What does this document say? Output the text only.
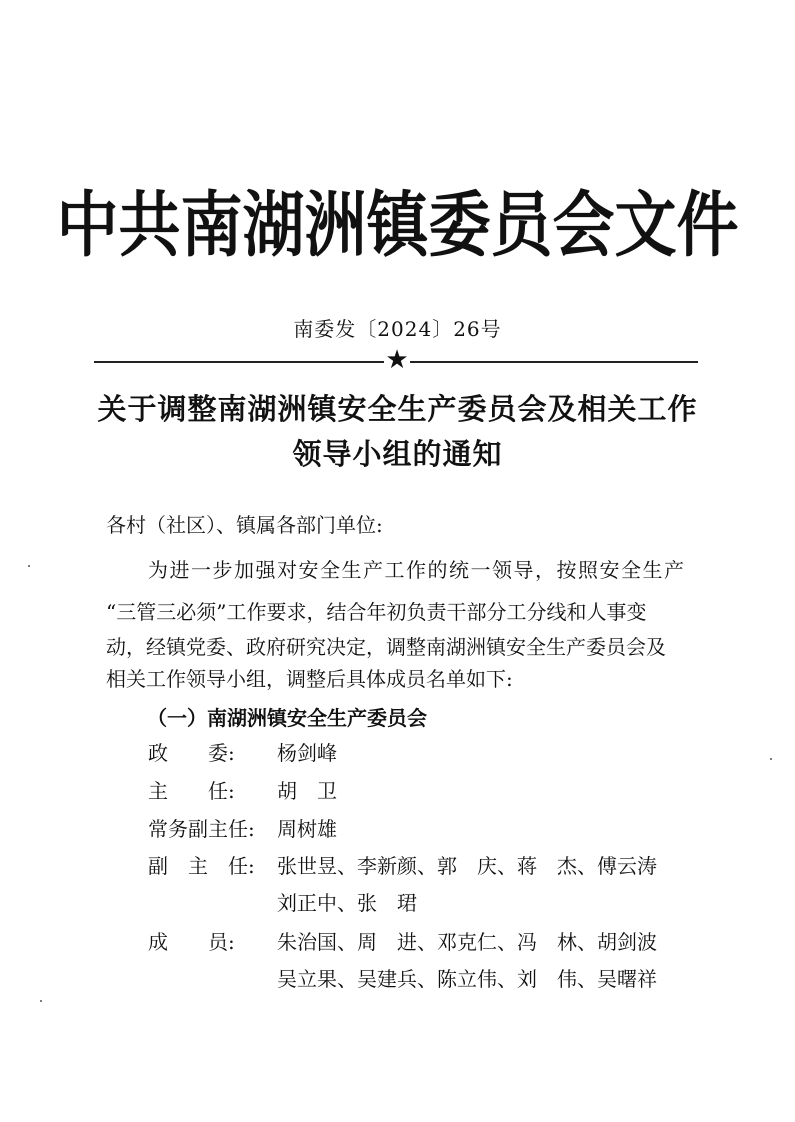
中共南湖洲镇委员会文件
南委发〔2024〕26号
★
关于调整南湖洲镇安全生产委员会及相关工作
领导小组的通知
各村（社区）、镇属各部门单位:
为进一步加强对安全生产工作的统一领导，按照安全生产
“三管三必须”工作要求，结合年初负责干部分工分线和人事变
动，经镇党委、政府研究决定，调整南湖洲镇安全生产委员会及
相关工作领导小组，调整后具体成员名单如下:
（一）南湖洲镇安全生产委员会
政　　委: 杨剑峰
主　　任: 胡　卫
常务副主任: 周树雄
副　主　任: 张世昱、李新颜、郭　庆、蒋　杰、傅云涛
刘正中、张　珺
成　　员: 朱治国、周　进、邓克仁、冯　林、胡剑波
吴立果、吴建兵、陈立伟、刘　伟、吴曙祥
